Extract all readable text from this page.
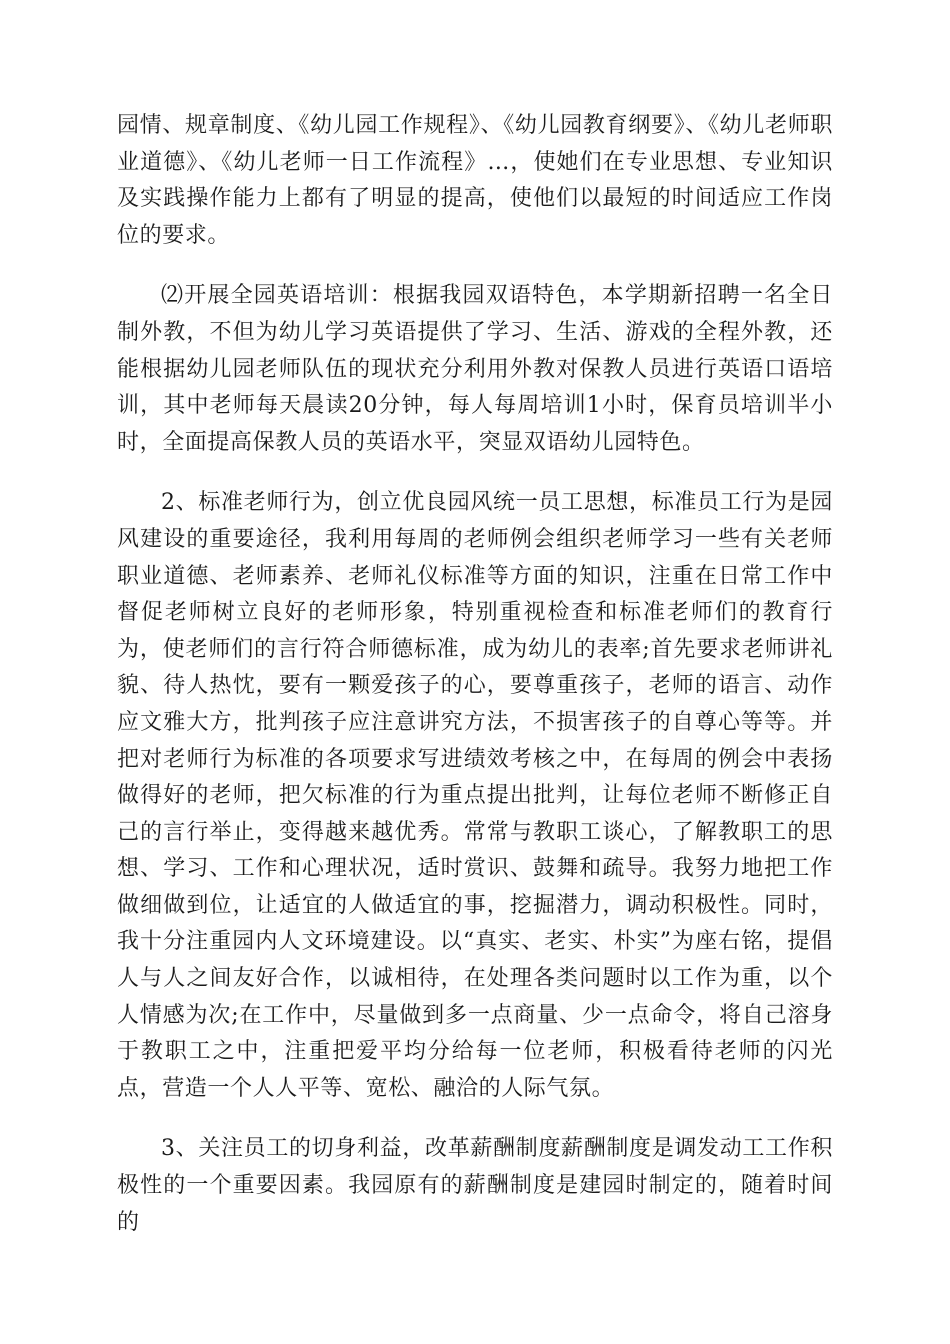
园情、规章制度、《幼儿园工作规程》、《幼儿园教育纲要》、《幼儿老师职业道德》、《幼儿老师一日工作流程》…，使她们在专业思想、专业知识及实践操作能力上都有了明显的提高，使他们以最短的时间适应工作岗位的要求。

⑵开展全园英语培训：根据我园双语特色，本学期新招聘一名全日制外教，不但为幼儿学习英语提供了学习、生活、游戏的全程外教，还能根据幼儿园老师队伍的现状充分利用外教对保教人员进行英语口语培训，其中老师每天晨读20分钟，每人每周培训1小时，保育员培训半小时，全面提高保教人员的英语水平，突显双语幼儿园特色。

2、标准老师行为，创立优良园风统一员工思想，标准员工行为是园风建设的重要途径，我利用每周的老师例会组织老师学习一些有关老师职业道德、老师素养、老师礼仪标准等方面的知识，注重在日常工作中督促老师树立良好的老师形象，特别重视检查和标准老师们的教育行为，使老师们的言行符合师德标准，成为幼儿的表率;首先要求老师讲礼貌、待人热忱，要有一颗爱孩子的心，要尊重孩子，老师的语言、动作应文雅大方，批判孩子应注意讲究方法，不损害孩子的自尊心等等。并把对老师行为标准的各项要求写进绩效考核之中，在每周的例会中表扬做得好的老师，把欠标准的行为重点提出批判，让每位老师不断修正自己的言行举止，变得越来越优秀。常常与教职工谈心，了解教职工的思想、学习、工作和心理状况，适时赏识、鼓舞和疏导。我努力地把工作做细做到位，让适宜的人做适宜的事，挖掘潜力，调动积极性。同时，我十分注重园内人文环境建设。以“真实、老实、朴实”为座右铭，提倡人与人之间友好合作，以诚相待，在处理各类问题时以工作为重，以个人情感为次;在工作中，尽量做到多一点商量、少一点命令，将自己溶身于教职工之中，注重把爱平均分给每一位老师，积极看待老师的闪光点，营造一个人人平等、宽松、融洽的人际气氛。

3、关注员工的切身利益，改革薪酬制度薪酬制度是调发动工工作积极性的一个重要因素。我园原有的薪酬制度是建园时制定的，随着时间的
